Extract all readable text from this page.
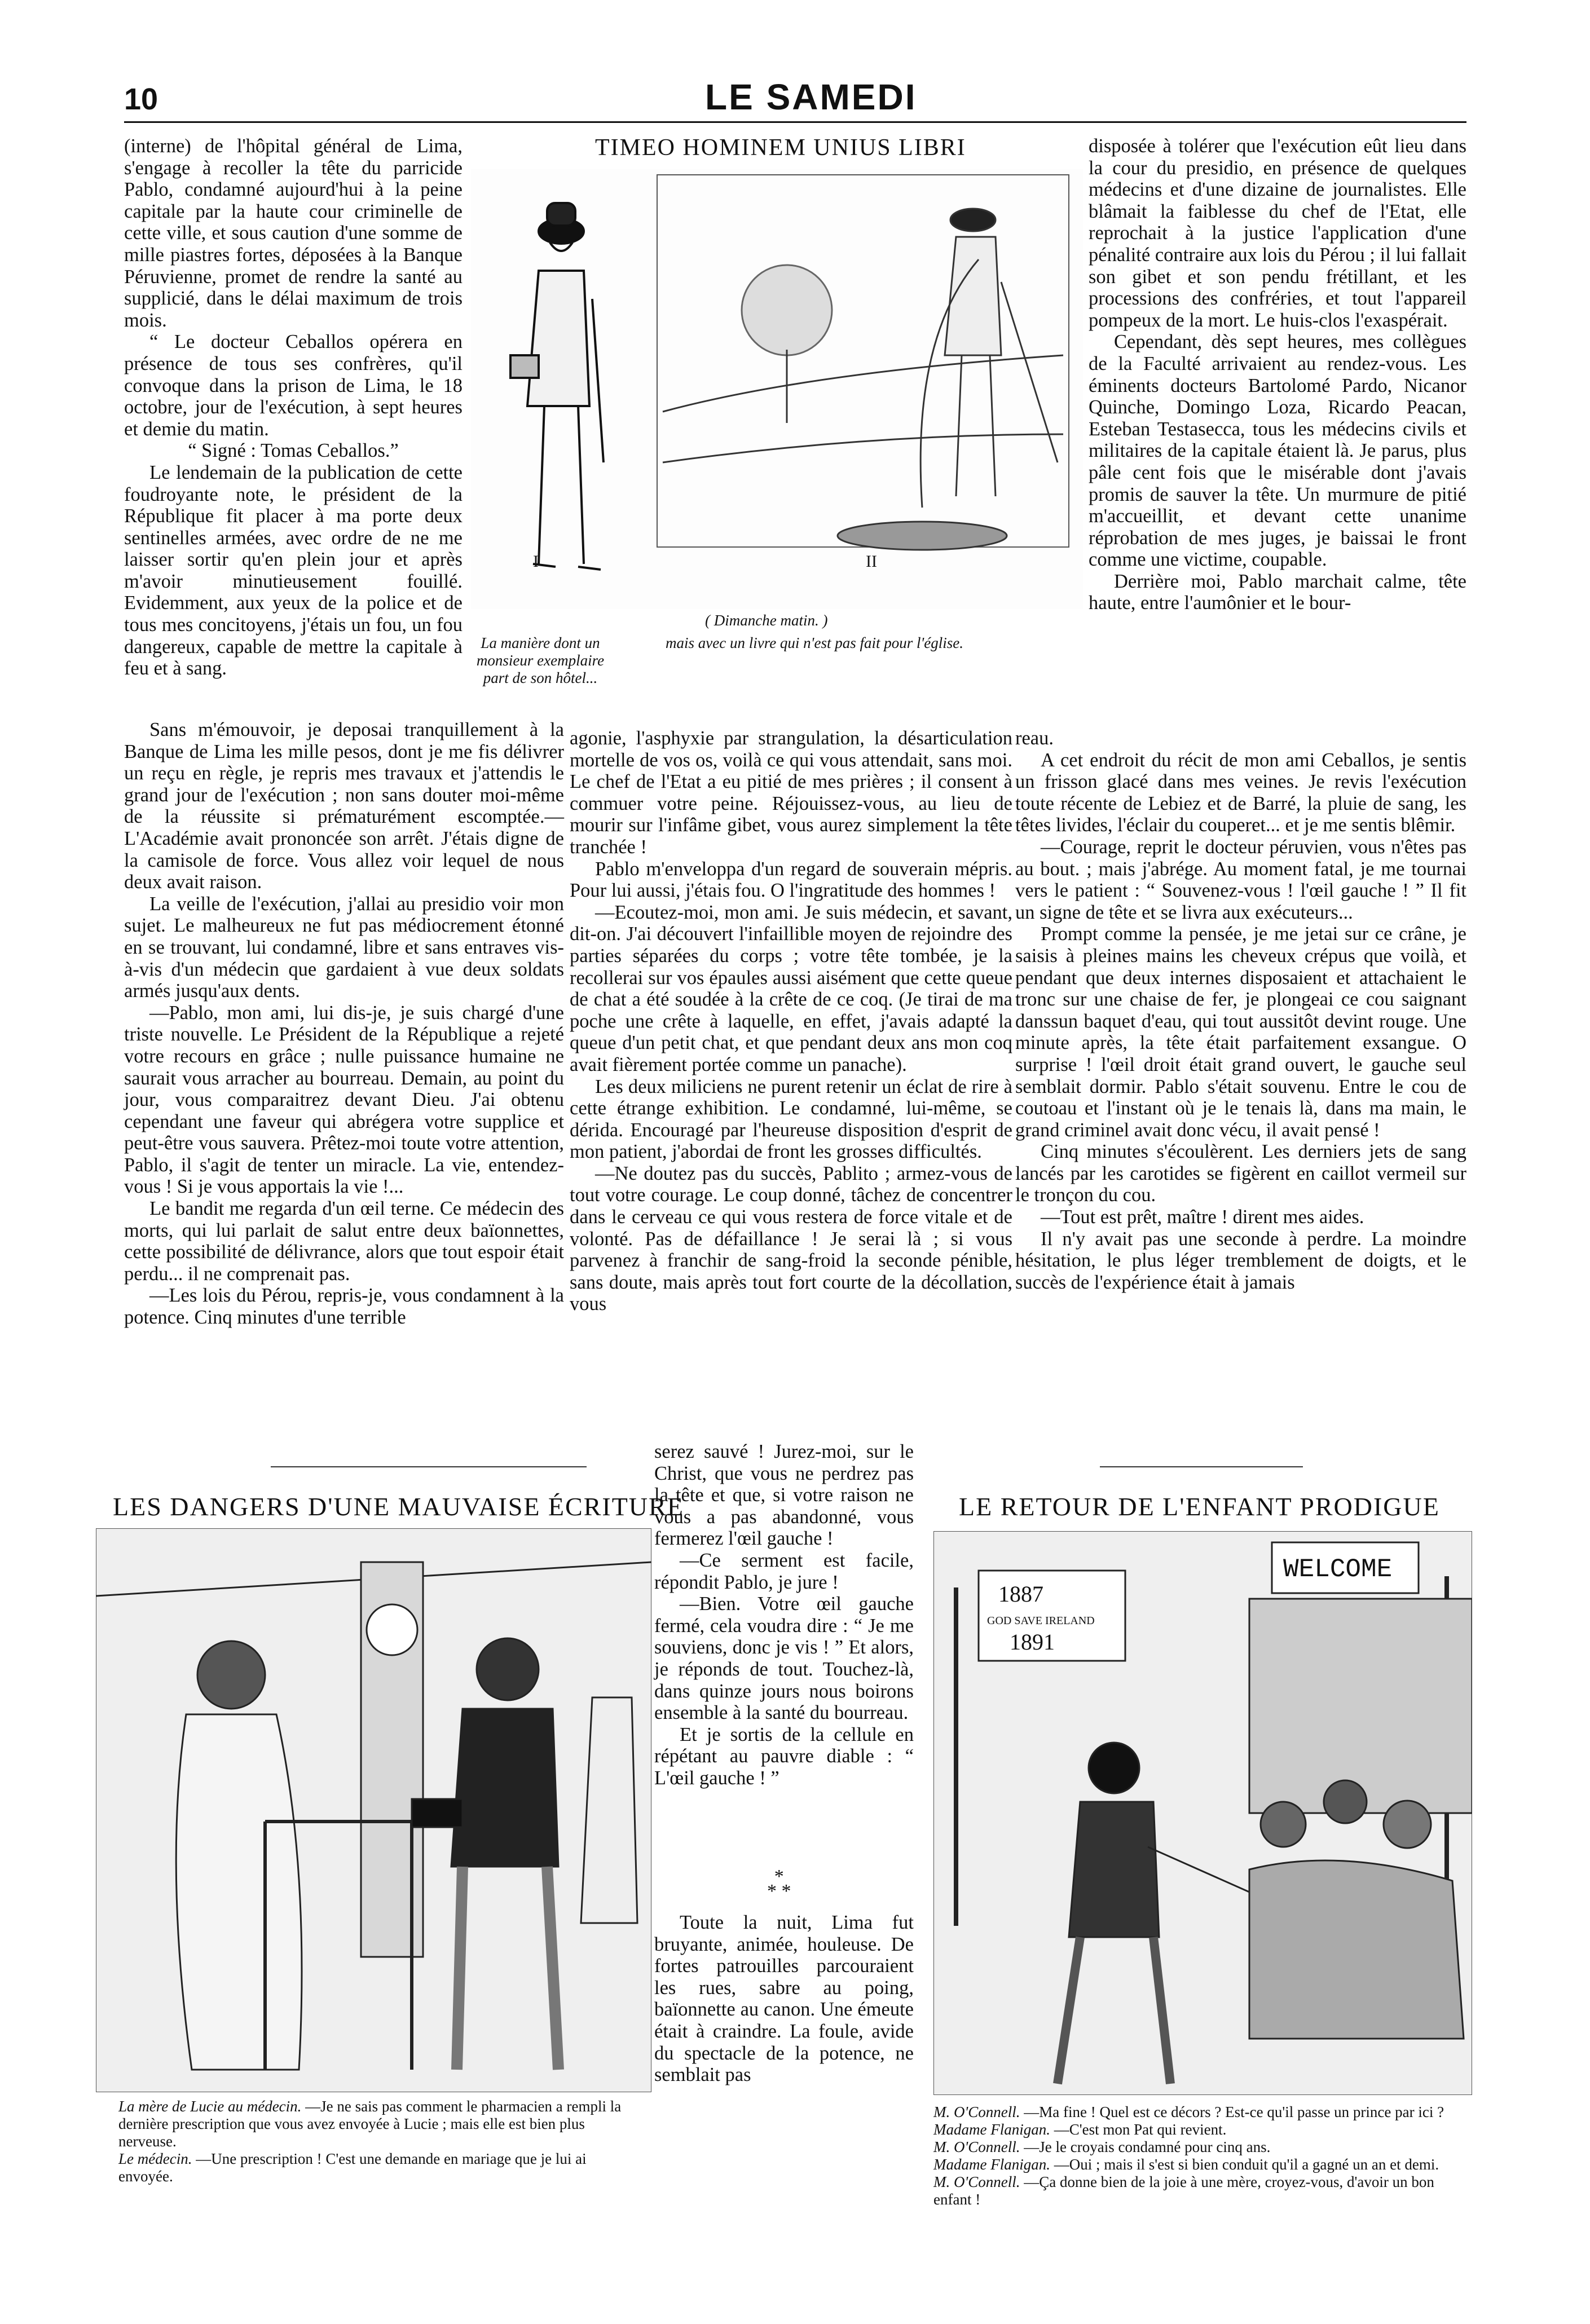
10	LE SAMEDI

(interne) de l'hôpital général de Lima, s'engage à recoller la tête du parricide Pablo, condamné aujourd'hui à la peine capitale par la haute cour criminelle de cette ville, et sous caution d'une somme de mille piastres fortes, déposées à la Banque Péruvienne, promet de rendre la santé au supplicié, dans le délai maximum de trois mois.

“ Le docteur Ceballos opérera en présence de tous ses confrères, qu'il convoque dans la prison de Lima, le 18 octobre, jour de l'exécution, à sept heures et demie du matin.

“ Signé : Tomas Ceballos.”

Le lendemain de la publication de cette foudroyante note, le président de la République fit placer à ma porte deux sentinelles armées, avec ordre de ne me laisser sortir qu'en plein jour et après m'avoir minutieusement fouillé. Evidemment, aux yeux de la police et de tous mes concitoyens, j'étais un fou, un fou dangereux, capable de mettre la capitale à feu et à sang.

Sans m'émouvoir, je deposai tranquillement à la Banque de Lima les mille pesos, dont je me fis délivrer un reçu en règle, je repris mes travaux et j'attendis le grand jour de l'exécution ; non sans douter moi-même de la réussite si prématurément escomptée.—L'Académie avait prononcée son arrêt. J'étais digne de la camisole de force. Vous allez voir lequel de nous deux avait raison.

La veille de l'exécution, j'allai au presidio voir mon sujet. Le malheureux ne fut pas médiocrement étonné en se trouvant, lui condamné, libre et sans entraves vis-à-vis d'un médecin que gardaient à vue deux soldats armés jusqu'aux dents.

—Pablo, mon ami, lui dis-je, je suis chargé d'une triste nouvelle. Le Président de la République a rejeté votre recours en grâce ; nulle puissance humaine ne saurait vous arracher au bourreau. Demain, au point du jour, vous comparaitrez devant Dieu. J'ai obtenu cependant une faveur qui abrégera votre supplice et peut-être vous sauvera. Prêtez-moi toute votre attention, Pablo, il s'agit de tenter un miracle. La vie, entendez-vous ! Si je vous apportais la vie !...

Le bandit me regarda d'un œil terne. Ce médecin des morts, qui lui parlait de salut entre deux baïonnettes, cette possibilité de délivrance, alors que tout espoir était perdu... il ne comprenait pas.

—Les lois du Pérou, repris-je, vous condamnent à la potence. Cinq minutes d'une terrible

TIMEO HOMINEM UNIUS LIBRI
I	II
( Dimanche matin. )
La manière dont un monsieur exemplaire part de son hôtel...
mais avec un livre qui n'est pas fait pour l'église.

agonie, l'asphyxie par strangulation, la désarticulation mortelle de vos os, voilà ce qui vous attendait, sans moi. Le chef de l'Etat a eu pitié de mes prières ; il consent à commuer votre peine. Réjouissez-vous, au lieu de mourir sur l'infâme gibet, vous aurez simplement la tête tranchée !

Pablo m'enveloppa d'un regard de souverain mépris. Pour lui aussi, j'étais fou. O l'ingratitude des hommes !

—Ecoutez-moi, mon ami. Je suis médecin, et savant, dit-on. J'ai découvert l'infaillible moyen de rejoindre des parties séparées du corps ; votre tête tombée, je la recollerai sur vos épaules aussi aisément que cette queue de chat a été soudée à la crête de ce coq. (Je tirai de ma poche une crête à laquelle, en effet, j'avais adapté la queue d'un petit chat, et que pendant deux ans mon coq avait fièrement portée comme un panache).

Les deux miliciens ne purent retenir un éclat de rire à cette étrange exhibition. Le condamné, lui-même, se dérida. Encouragé par l'heureuse disposition d'esprit de mon patient, j'abordai de front les grosses difficultés.

—Ne doutez pas du succès, Pablito ; armez-vous de tout votre courage. Le coup donné, tâchez de concentrer dans le cerveau ce qui vous restera de force vitale et de volonté. Pas de défaillance ! Je serai là ; si vous parvenez à franchir de sang-froid la seconde pénible, sans doute, mais après tout fort courte de la décollation, vous

serez sauvé ! Jurez-moi, sur le Christ, que vous ne perdrez pas la tête et que, si votre raison ne vous a pas abandonné, vous fermerez l'œil gauche !

—Ce serment est facile, répondit Pablo, je jure !

—Bien. Votre œil gauche fermé, cela voudra dire : “ Je me souviens, donc je vis ! ” Et alors, je réponds de tout. Touchez-là, dans quinze jours nous boirons ensemble à la santé du bourreau.

Et je sortis de la cellule en répétant au pauvre diable : “ L'œil gauche ! ”

*
* *

Toute la nuit, Lima fut bruyante, animée, houleuse. De fortes patrouilles parcouraient les rues, sabre au poing, baïonnette au canon. Une émeute était à craindre. La foule, avide du spectacle de la potence, ne semblait pas

disposée à tolérer que l'exécution eût lieu dans la cour du presidio, en présence de quelques médecins et d'une dizaine de journalistes. Elle blâmait la faiblesse du chef de l'Etat, elle reprochait à la justice l'application d'une pénalité contraire aux lois du Pérou ; il lui fallait son gibet et son pendu frétillant, et les processions des confréries, et tout l'appareil pompeux de la mort. Le huis-clos l'exaspérait.

Cependant, dès sept heures, mes collègues de la Faculté arrivaient au rendez-vous. Les éminents docteurs Bartolomé Pardo, Nicanor Quinche, Domingo Loza, Ricardo Peacan, Esteban Testasecca, tous les médecins civils et militaires de la capitale étaient là. Je parus, plus pâle cent fois que le misérable dont j'avais promis de sauver la tête. Un murmure de pitié m'accueillit, et devant cette unanime réprobation de mes juges, je baissai le front comme une victime, coupable.

Derrière moi, Pablo marchait calme, tête haute, entre l'aumônier et le bour-

reau.

A cet endroit du récit de mon ami Ceballos, je sentis un frisson glacé dans mes veines. Je revis l'exécution toute récente de Lebiez et de Barré, la pluie de sang, les têtes livides, l'éclair du couperet... et je me sentis blêmir.

—Courage, reprit le docteur péruvien, vous n'êtes pas au bout. ; mais j'abrége. Au moment fatal, je me tournai vers le patient : “ Souvenez-vous ! l'œil gauche ! ” Il fit un signe de tête et se livra aux exécuteurs...

Prompt comme la pensée, je me jetai sur ce crâne, je saisis à pleines mains les cheveux crépus que voilà, et pendant que deux internes disposaient et attachaient le tronc sur une chaise de fer, je plongeai ce cou saignant danssun baquet d'eau, qui tout aussitôt devint rouge. Une minute après, la tête était parfaitement exsangue. O surprise ! l'œil droit était grand ouvert, le gauche seul semblait dormir. Pablo s'était souvenu. Entre le cou de coutoau et l'instant où je le tenais là, dans ma main, le grand criminel avait donc vécu, il avait pensé !

Cinq minutes s'écoulèrent. Les derniers jets de sang lancés par les carotides se figèrent en caillot vermeil sur le tronçon du cou.

—Tout est prêt, maître ! dirent mes aides.

Il n'y avait pas une seconde à perdre. La moindre hésitation, le plus léger tremblement de doigts, et le succès de l'expérience était à jamais

LES DANGERS D'UNE MAUVAISE ÉCRITURE
La mère de Lucie au médecin. —Je ne sais pas comment le pharmacien a rempli la dernière prescription que vous avez envoyée à Lucie ; mais elle est bien plus nerveuse.
Le médecin. —Une prescription ! C'est une demande en mariage que je lui ai envoyée.
LE RETOUR DE L'ENFANT PRODIGUE
WELCOME
1887
GOD SAVE IRELAND
1891
M. O'Connell. —Ma fine ! Quel est ce décors ? Est-ce qu'il passe un prince par ici ?
Madame Flanigan. —C'est mon Pat qui revient.
M. O'Connell. —Je le croyais condamné pour cinq ans.
Madame Flanigan. —Oui ; mais il s'est si bien conduit qu'il a gagné un an et demi.
M. O'Connell. —Ça donne bien de la joie à une mère, croyez-vous, d'avoir un bon enfant !
